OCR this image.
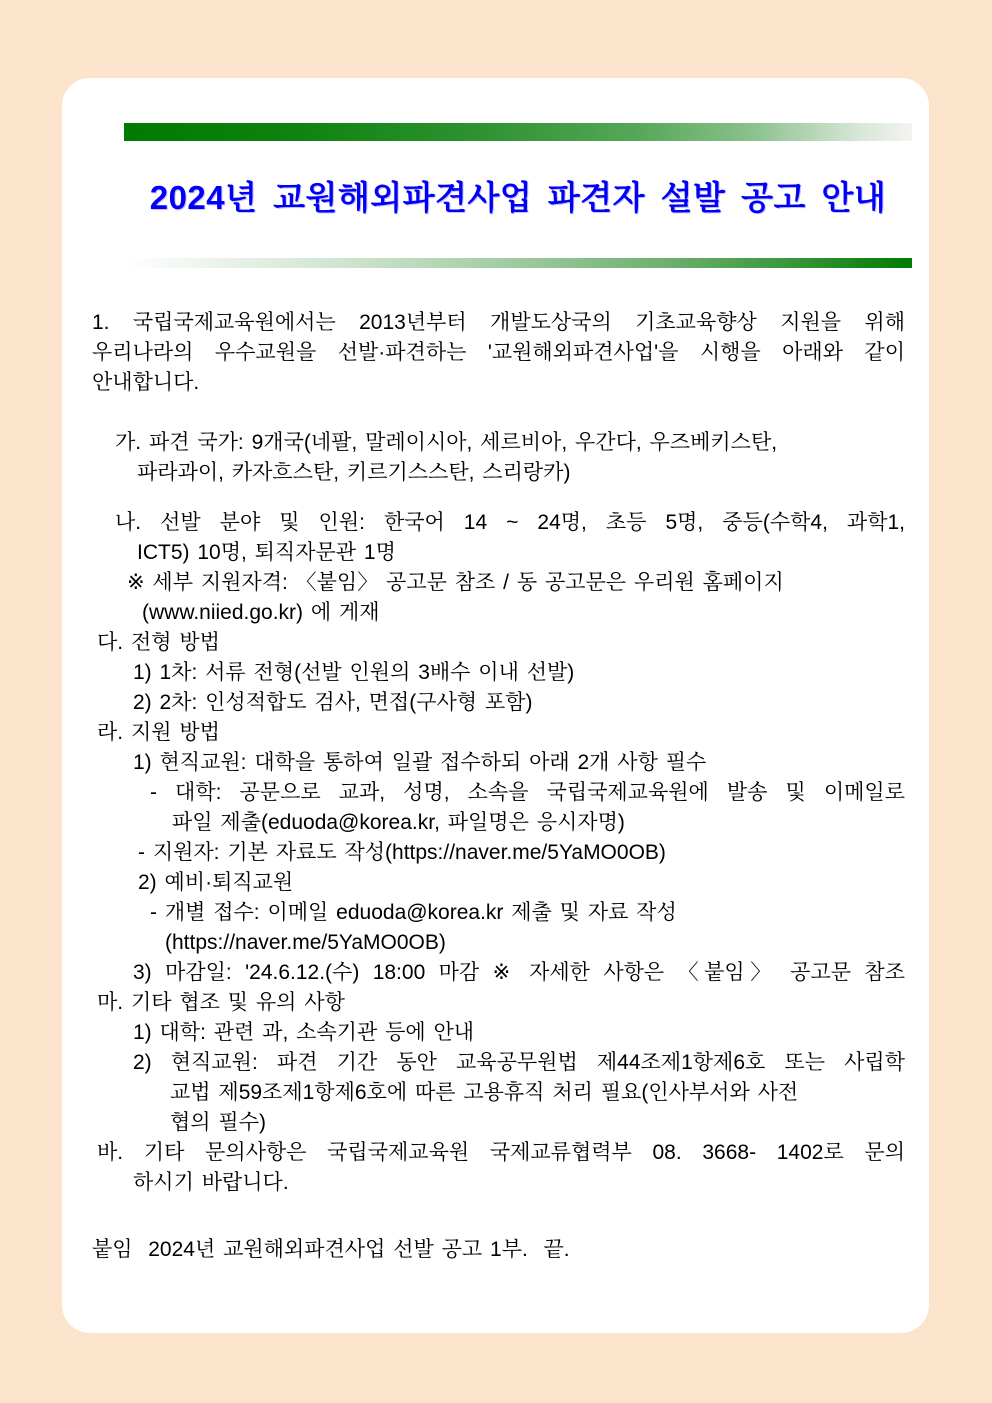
2024년 교원해외파견사업 파견자 설발 공고 안내
1. 국립국제교육원에서는 2013년부터 개발도상국의 기초교육향상 지원을 위해
우리나라의 우수교원을 선발·파견하는 '교원해외파견사업'을 시행을 아래와 같이
안내합니다.
가. 파견 국가: 9개국(네팔, 말레이시아, 세르비아, 우간다, 우즈베키스탄,
파라과이, 카자흐스탄, 키르기스스탄, 스리랑카)
나. 선발 분야 및 인원: 한국어 14 ~ 24명, 초등 5명, 중등(수학4, 과학1,
ICT5) 10명, 퇴직자문관 1명
※ 세부 지원자격: 〈붙임〉 공고문 참조 / 동 공고문은 우리원 홈페이지
(www.niied.go.kr) 에 게재
다. 전형 방법
1) 1차: 서류 전형(선발 인원의 3배수 이내 선발)
2) 2차: 인성적합도 검사, 면접(구사형 포함)
라. 지원 방법
1) 현직교원: 대학을 통하여 일괄 접수하되 아래 2개 사항 필수
- 대학: 공문으로 교과, 성명, 소속을 국립국제교육원에 발송 및 이메일로
파일 제출(eduoda@korea.kr, 파일명은 응시자명)
- 지원자: 기본 자료도 작성(https://naver.me/5YaMO0OB)
2) 예비·퇴직교원
- 개별 접수: 이메일 eduoda@korea.kr 제출 및 자료 작성
(https://naver.me/5YaMO0OB)
3) 마감일: '24.6.12.(수) 18:00 마감 ※ 자세한 사항은 〈붙임〉 공고문 참조
마. 기타 협조 및 유의 사항
1) 대학: 관련 과, 소속기관 등에 안내
2) 현직교원: 파견 기간 동안 교육공무원법 제44조제1항제6호 또는 사립학
교법 제59조제1항제6호에 따른 고용휴직 처리 필요(인사부서와 사전
협의 필수)
바. 기타 문의사항은 국립국제교육원 국제교류협력부 08. 3668- 1402로 문의
하시기 바랍니다.
붙임  2024년 교원해외파견사업 선발 공고 1부.  끝.
